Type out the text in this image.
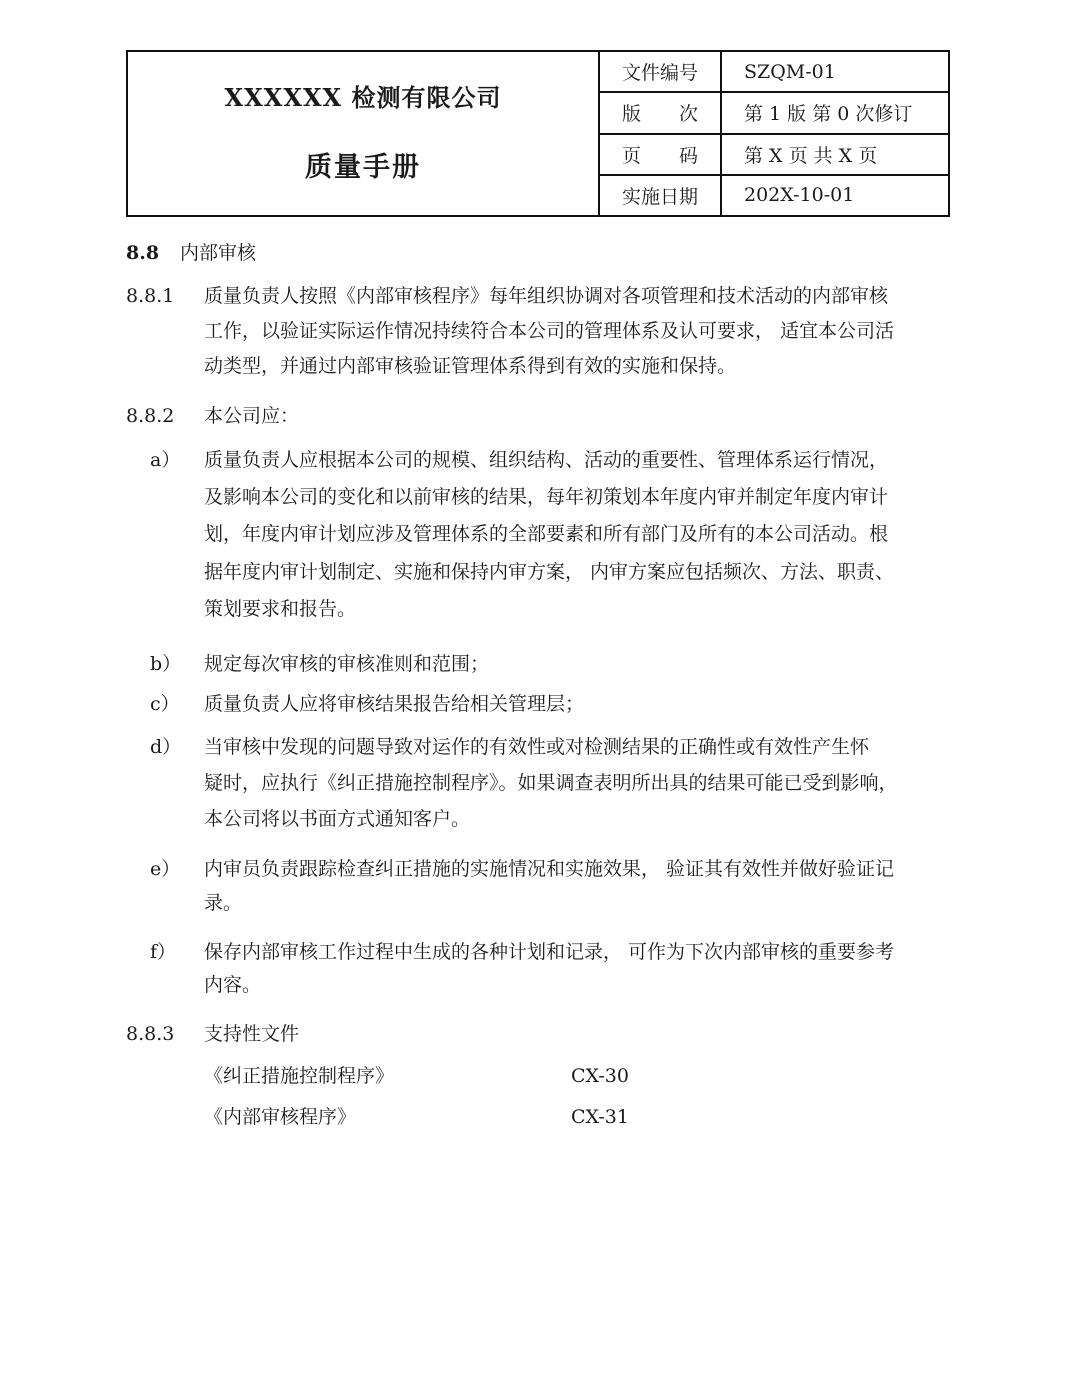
XXXXXX 检测有限公司
质量手册
文件编号	SZQM-01
版　　次	第 1 版 第 0 次修订
页　　码	第 X 页 共 X 页
实施日期	202X-10-01
8.8 内部审核
8.8.1 质量负责人按照《内部审核程序》每年组织协调对各项管理和技术活动的内部审核
工作，以验证实际运作情况持续符合本公司的管理体系及认可要求， 适宜本公司活
动类型，并通过内部审核验证管理体系得到有效的实施和保持。
8.8.2 本公司应：
a） 质量负责人应根据本公司的规模、组织结构、活动的重要性、管理体系运行情况，
及影响本公司的变化和以前审核的结果，每年初策划本年度内审并制定年度内审计
划，年度内审计划应涉及管理体系的全部要素和所有部门及所有的本公司活动。根
据年度内审计划制定、实施和保持内审方案， 内审方案应包括频次、方法、职责、
策划要求和报告。
b） 规定每次审核的审核准则和范围；
c） 质量负责人应将审核结果报告给相关管理层；
d） 当审核中发现的问题导致对运作的有效性或对检测结果的正确性或有效性产生怀
疑时，应执行《纠正措施控制程序》。如果调查表明所出具的结果可能已受到影响，
本公司将以书面方式通知客户。
e） 内审员负责跟踪检查纠正措施的实施情况和实施效果， 验证其有效性并做好验证记
录。
f） 保存内部审核工作过程中生成的各种计划和记录， 可作为下次内部审核的重要参考
内容。
8.8.3 支持性文件
《纠正措施控制程序》	CX-30
《内部审核程序》	CX-31
